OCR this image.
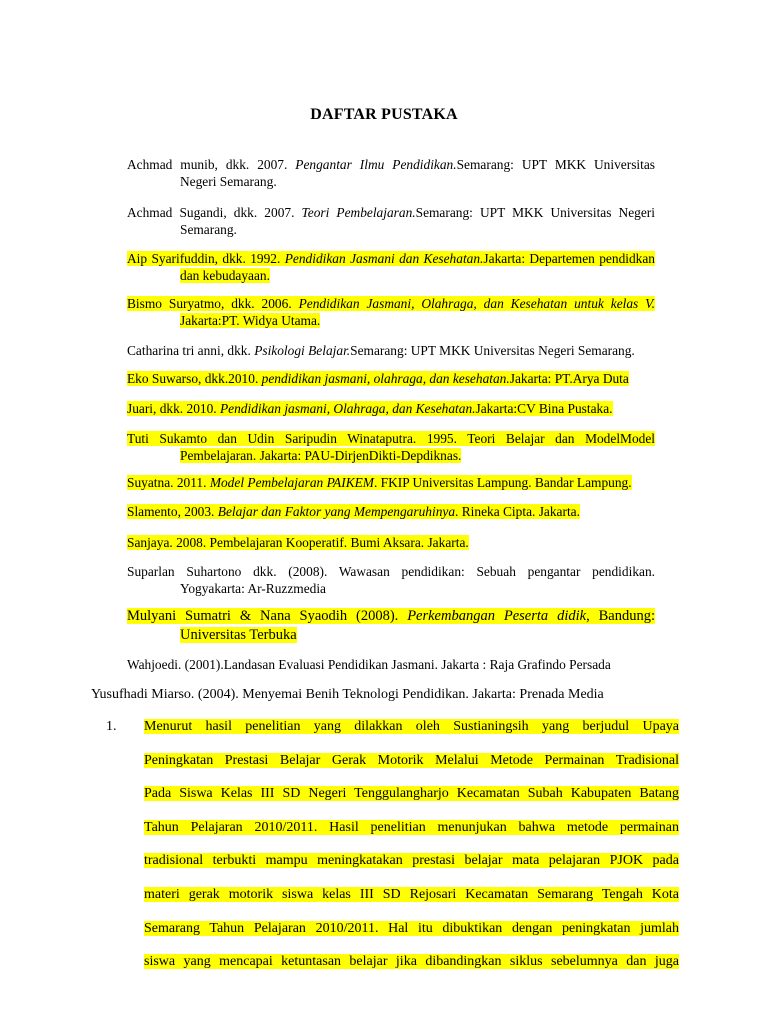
DAFTAR PUSTAKA
Achmad munib, dkk. 2007. Pengantar Ilmu Pendidikan.Semarang: UPT MKK Universitas
Negeri Semarang.
Achmad Sugandi, dkk. 2007. Teori Pembelajaran.Semarang: UPT MKK Universitas Negeri
Semarang.
Aip Syarifuddin, dkk. 1992. Pendidikan Jasmani dan Kesehatan.Jakarta: Departemen pendidkan
dan kebudayaan.
Bismo Suryatmo, dkk. 2006. Pendidikan Jasmani, Olahraga, dan Kesehatan untuk kelas V.
Jakarta:PT. Widya Utama.
Catharina tri anni, dkk. Psikologi Belajar.Semarang: UPT MKK Universitas Negeri Semarang.
Eko Suwarso, dkk.2010. pendidikan jasmani, olahraga, dan kesehatan.Jakarta: PT.Arya Duta
Juari, dkk. 2010. Pendidikan jasmani, Olahraga, dan Kesehatan.Jakarta:CV Bina Pustaka.
Tuti Sukamto dan Udin Saripudin Winataputra. 1995. Teori Belajar dan ModelModel
Pembelajaran. Jakarta: PAU-DirjenDikti-Depdiknas.
Suyatna. 2011. Model Pembelajaran PAIKEM. FKIP Universitas Lampung. Bandar Lampung.
Slamento, 2003. Belajar dan Faktor yang Mempengaruhinya. Rineka Cipta. Jakarta.
Sanjaya. 2008. Pembelajaran Kooperatif. Bumi Aksara. Jakarta.
Suparlan Suhartono dkk. (2008). Wawasan pendidikan: Sebuah pengantar pendidikan.
Yogyakarta: Ar-Ruzzmedia
Mulyani Sumatri & Nana Syaodih (2008). Perkembangan Peserta didik, Bandung:
Universitas Terbuka
Wahjoedi. (2001).Landasan Evaluasi Pendidikan Jasmani. Jakarta : Raja Grafindo Persada
Yusufhadi Miarso. (2004). Menyemai Benih Teknologi Pendidikan. Jakarta: Prenada Media
1. Menurut hasil penelitian yang dilakkan oleh Sustianingsih yang berjudul Upaya
Peningkatan Prestasi Belajar Gerak Motorik Melalui Metode Permainan Tradisional
Pada Siswa Kelas III SD Negeri Tenggulangharjo Kecamatan Subah Kabupaten Batang
Tahun Pelajaran 2010/2011. Hasil penelitian menunjukan bahwa metode permainan
tradisional terbukti mampu meningkatakan prestasi belajar mata pelajaran PJOK pada
materi gerak motorik siswa kelas III SD Rejosari Kecamatan Semarang Tengah Kota
Semarang Tahun Pelajaran 2010/2011. Hal itu dibuktikan dengan peningkatan jumlah
siswa yang mencapai ketuntasan belajar jika dibandingkan siklus sebelumnya dan juga
